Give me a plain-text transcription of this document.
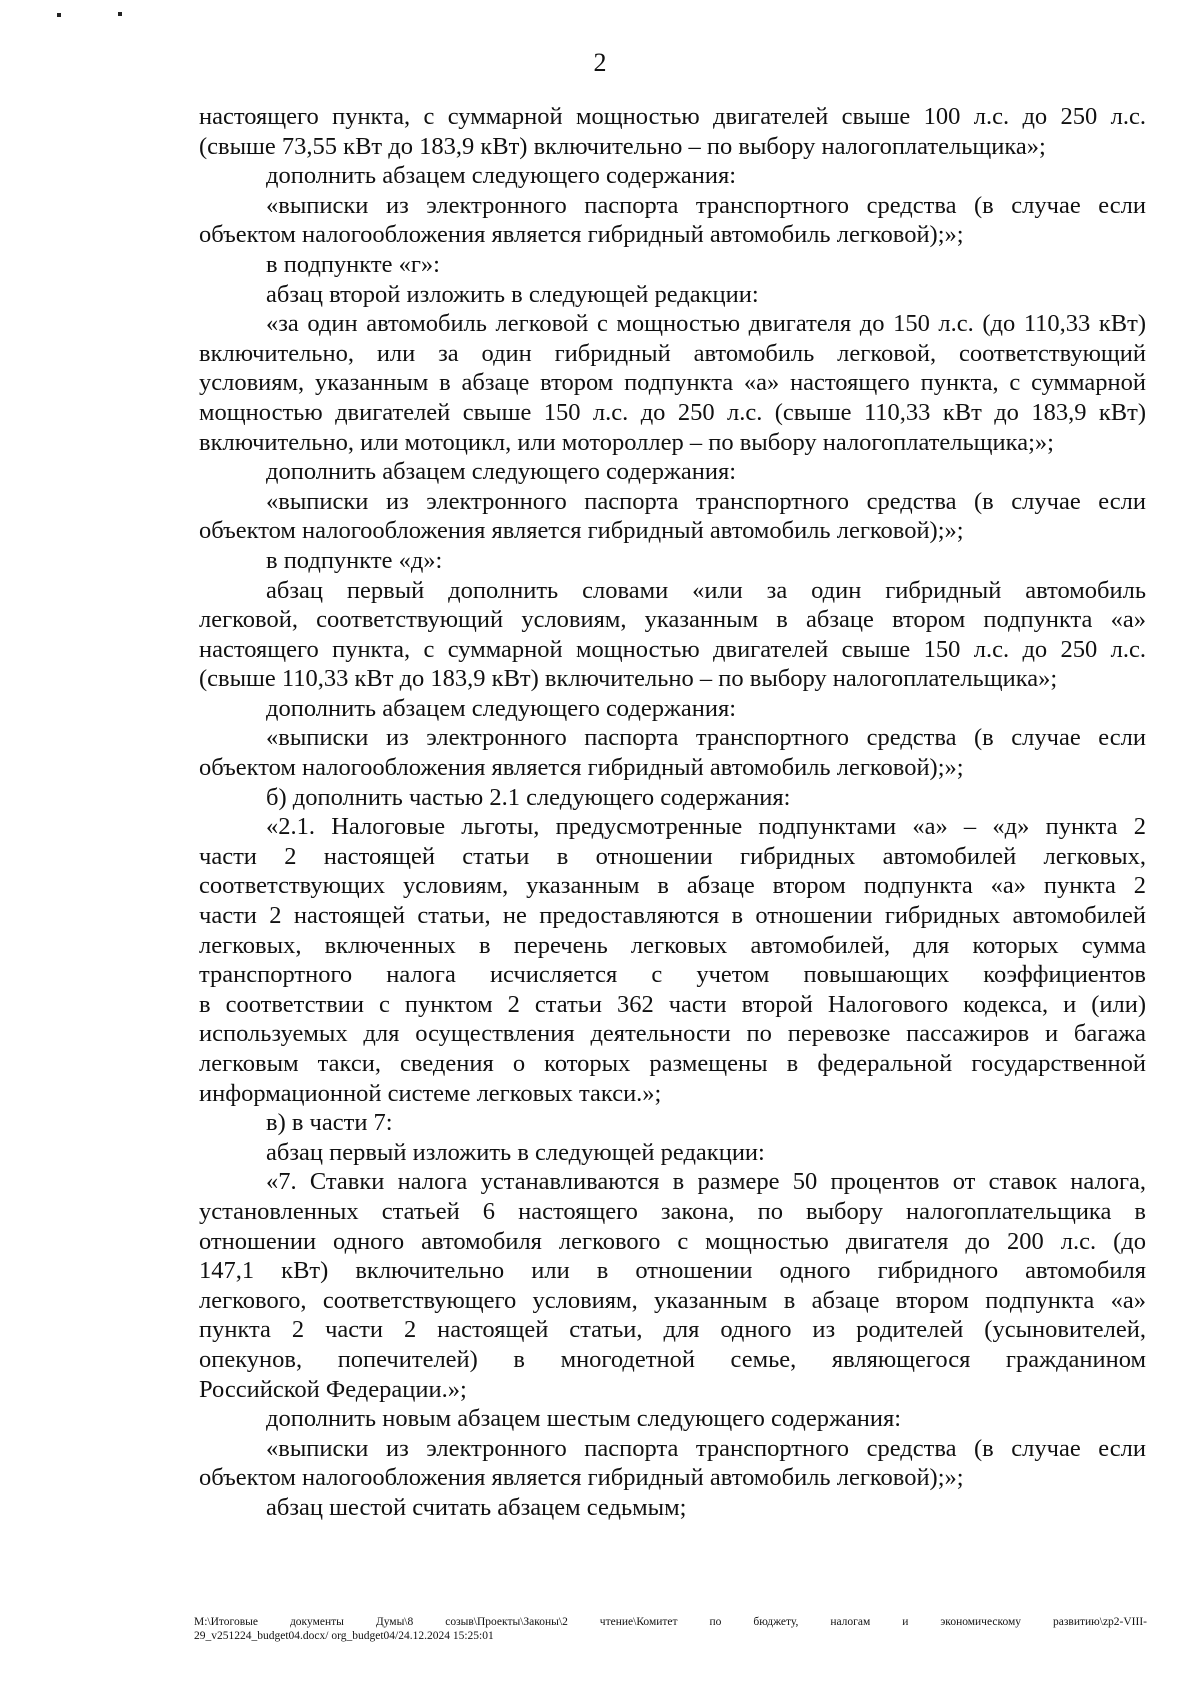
2

настоящего пункта, с суммарной мощностью двигателей свыше 100 л.с. до 250 л.с.

(свыше 73,55 кВт до 183,9 кВт) включительно – по выбору налогоплательщика»;

дополнить абзацем следующего содержания:

«выписки из электронного паспорта транспортного средства (в случае если

объектом налогообложения является гибридный автомобиль легковой);»;

в подпункте «г»:

абзац второй изложить в следующей редакции:

«за один автомобиль легковой с мощностью двигателя до 150 л.с. (до 110,33 кВт)

включительно, или за один гибридный автомобиль легковой, соответствующий

условиям, указанным в абзаце втором подпункта «а» настоящего пункта, с суммарной

мощностью двигателей свыше 150 л.с. до 250 л.с. (свыше 110,33 кВт до 183,9 кВт)

включительно, или мотоцикл, или мотороллер – по выбору налогоплательщика;»;

дополнить абзацем следующего содержания:

«выписки из электронного паспорта транспортного средства (в случае если

объектом налогообложения является гибридный автомобиль легковой);»;

в подпункте «д»:

абзац первый дополнить словами «или за один гибридный автомобиль

легковой, соответствующий условиям, указанным в абзаце втором подпункта «а»

настоящего пункта, с суммарной мощностью двигателей свыше 150 л.с. до 250 л.с.

(свыше 110,33 кВт до 183,9 кВт) включительно – по выбору налогоплательщика»;

дополнить абзацем следующего содержания:

«выписки из электронного паспорта транспортного средства (в случае если

объектом налогообложения является гибридный автомобиль легковой);»;

б) дополнить частью 2.1 следующего содержания:

«2.1. Налоговые льготы, предусмотренные подпунктами «а» – «д» пункта 2

части 2 настоящей статьи в отношении гибридных автомобилей легковых,

соответствующих условиям, указанным в абзаце втором подпункта «а» пункта 2

части 2 настоящей статьи, не предоставляются в отношении гибридных автомобилей

легковых, включенных в перечень легковых автомобилей, для которых сумма

транспортного налога исчисляется с учетом повышающих коэффициентов

в соответствии с пунктом 2 статьи 362 части второй Налогового кодекса, и (или)

используемых для осуществления деятельности по перевозке пассажиров и багажа

легковым такси, сведения о которых размещены в федеральной государственной

информационной системе легковых такси.»;

в) в части 7:

абзац первый изложить в следующей редакции:

«7. Ставки налога устанавливаются в размере 50 процентов от ставок налога,

установленных статьей 6 настоящего закона, по выбору налогоплательщика в

отношении одного автомобиля легкового с мощностью двигателя до 200 л.с. (до

147,1 кВт) включительно или в отношении одного гибридного автомобиля

легкового, соответствующего условиям, указанным в абзаце втором подпункта «а»

пункта 2 части 2 настоящей статьи, для одного из родителей (усыновителей,

опекунов, попечителей) в многодетной семье, являющегося гражданином

Российской Федерации.»;

дополнить новым абзацем шестым следующего содержания:

«выписки из электронного паспорта транспортного средства (в случае если

объектом налогообложения является гибридный автомобиль легковой);»;

абзац шестой считать абзацем седьмым;

М:\Итоговые документы Думы\8 созыв\Проекты\Законы\2 чтение\Комитет по бюджету, налогам и экономическому развитию\zp2-VIII-
29_v251224_budget04.docx/ org_budget04/24.12.2024 15:25:01
